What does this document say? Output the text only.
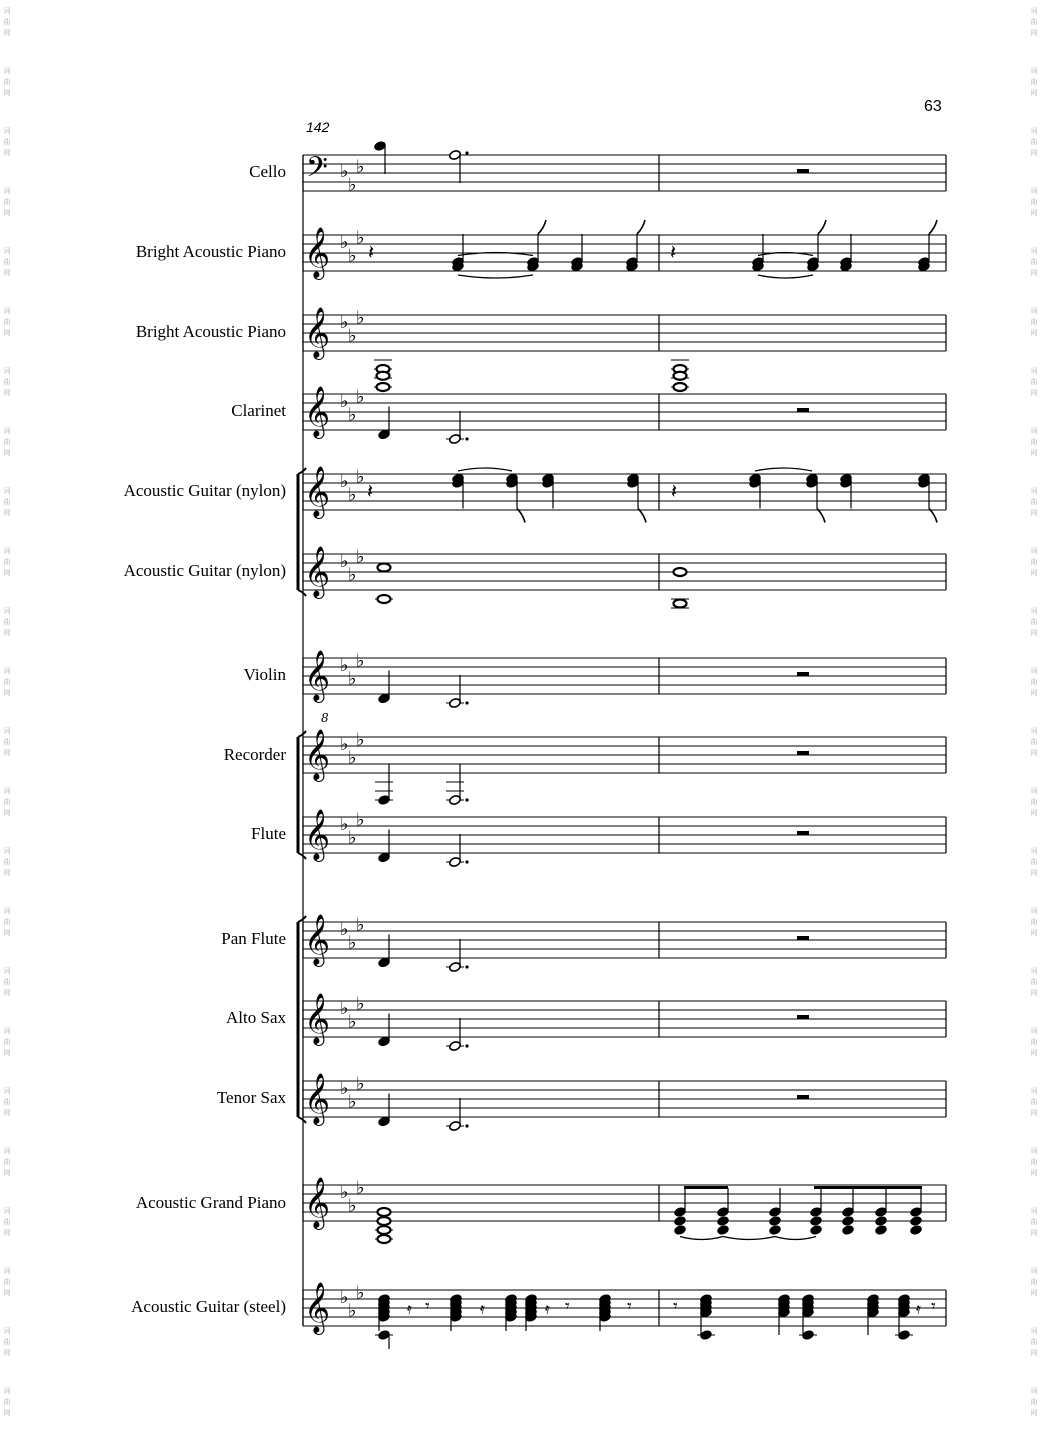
63
142
Cello
Bright Acoustic Piano
Bright Acoustic Piano
Clarinet
Acoustic Guitar (nylon)
Acoustic Guitar (nylon)
Violin
Recorder
Flute
Pan Flute
Alto Sax
Tenor Sax
Acoustic Grand Piano
Acoustic Guitar (steel)
词
曲
网
词
曲
网
词
曲
网
词
曲
网
词
曲
网
词
曲
网
词
曲
网
词
曲
网
词
曲
网
词
曲
网
词
曲
网
词
曲
网
词
曲
网
词
曲
网
词
曲
网
词
曲
网
词
曲
网
词
曲
网
词
曲
网
词
曲
网
词
曲
网
词
曲
网
词
曲
网
词
曲
网
词
曲
网
词
曲
网
词
曲
网
词
曲
网
词
曲
网
词
曲
网
词
曲
网
词
曲
网
词
曲
网
词
曲
网
词
曲
网
词
曲
网
词
曲
网
词
曲
网
词
曲
网
词
曲
网
词
曲
网
词
曲
网
词
曲
网
词
曲
网
词
曲
网
词
曲
网
词
曲
网
词
曲
网
𝄢 ♭
♭
♭
𝄞 ♭
♭
♭
𝄞 ♭
♭
♭
𝄞 ♭
♭
♭
𝄞 ♭
♭
♭
𝄞 ♭
♭
♭
𝄞 ♭
♭
♭
𝄞 ♭
♭
♭
𝄞 ♭
♭
♭
𝄞 ♭
♭
♭
𝄞 ♭
♭
♭
𝄞 ♭
♭
♭
𝄞 ♭
♭
♭
𝄞 ♭
♭
♭
8
𝄽	𝄽
𝄽	𝄽
𝄿 𝄾	𝄿	𝄿 𝄾	𝄾 𝄾	𝄿 𝄾
